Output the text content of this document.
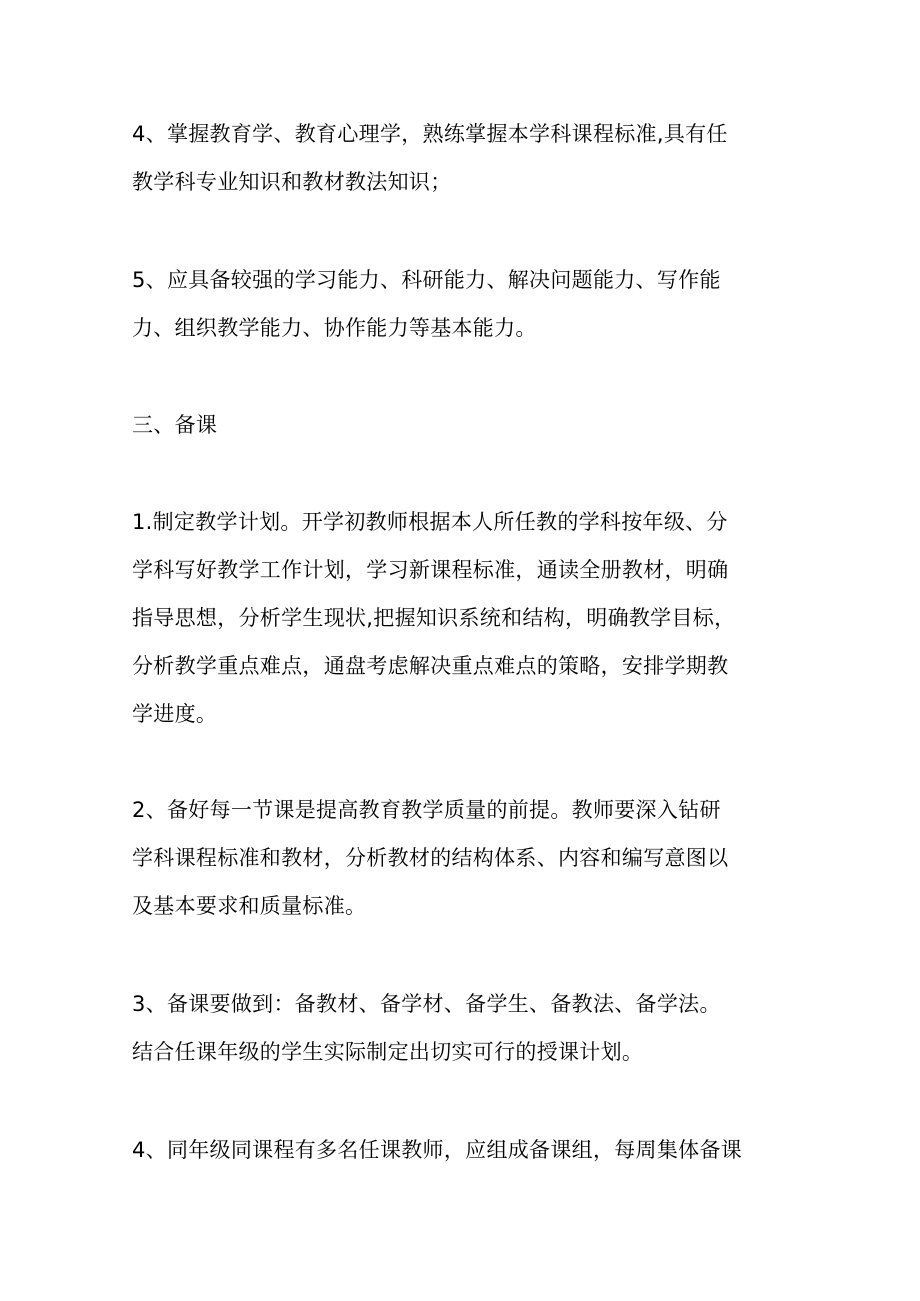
4、掌握教育学、教育心理学，熟练掌握本学科课程标准,具有任
教学科专业知识和教材教法知识；

5、应具备较强的学习能力、科研能力、解决问题能力、写作能
力、组织教学能力、协作能力等基本能力。

三、备课

1.制定教学计划。开学初教师根据本人所任教的学科按年级、分
学科写好教学工作计划，学习新课程标准，通读全册教材，明确
指导思想，分析学生现状,把握知识系统和结构，明确教学目标，
分析教学重点难点，通盘考虑解决重点难点的策略，安排学期教
学进度。

2、备好每一节课是提高教育教学质量的前提。教师要深入钻研
学科课程标准和教材，分析教材的结构体系、内容和编写意图以
及基本要求和质量标准。

3、备课要做到：备教材、备学材、备学生、备教法、备学法。
结合任课年级的学生实际制定出切实可行的授课计划。

4、同年级同课程有多名任课教师，应组成备课组，每周集体备课
